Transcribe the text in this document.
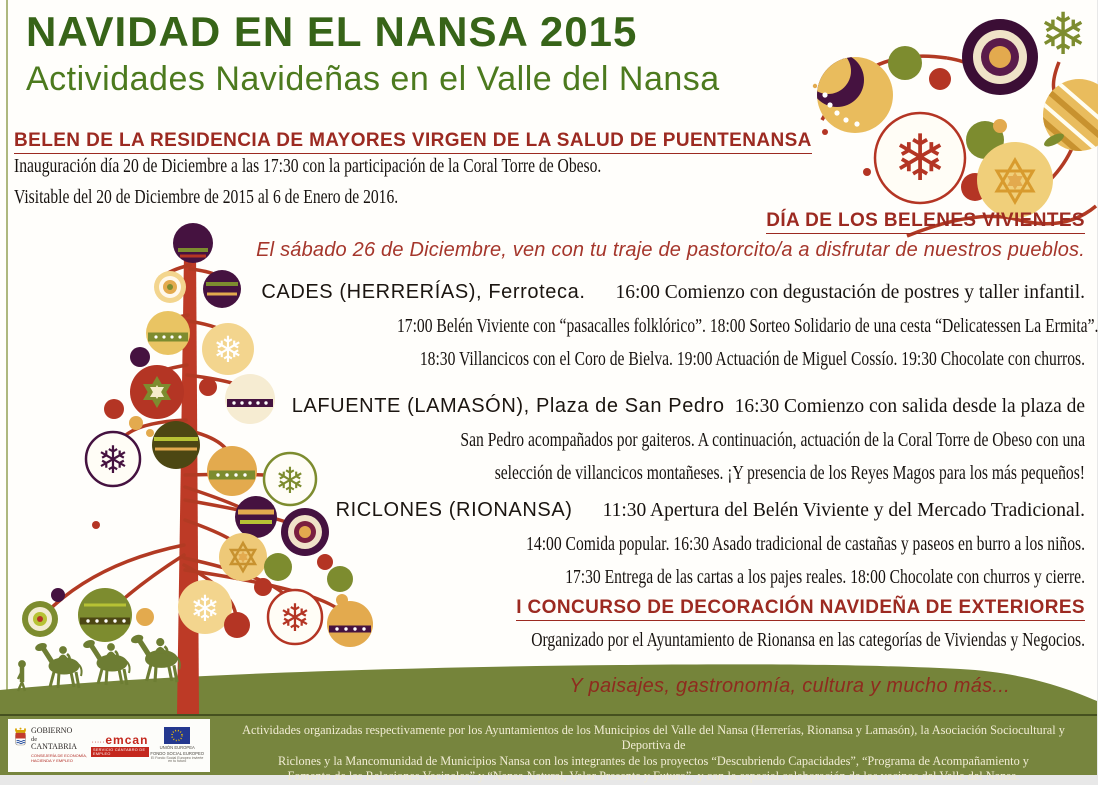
❄
❄
❄
❄	❄
❄ ❄
NAVIDAD EN EL NANSA 2015
Actividades Navideñas en el Valle del Nansa
BELEN DE LA RESIDENCIA DE MAYORES VIRGEN DE LA SALUD DE PUENTENANSA
Inauguración día 20 de Diciembre a las 17:30 con la participación de la Coral Torre de Obeso.
Visitable del 20 de Diciembre de 2015 al 6 de Enero de 2016.
DÍA DE LOS BELENES VIVIENTES
El sábado 26 de Diciembre, ven con tu traje de pastorcito/a a disfrutar de nuestros pueblos.
CADES (HERRERÍAS), Ferroteca. 16:00 Comienzo con degustación de postres y taller infantil.
17:00 Belén Viviente con “pasacalles folklórico”. 18:00 Sorteo Solidario de una cesta “Delicatessen La Ermita”.
18:30 Villancicos con el Coro de Bielva. 19:00 Actuación de Miguel Cossío. 19:30 Chocolate con churros.
LAFUENTE (LAMASÓN), Plaza de San Pedro 16:30 Comienzo con salida desde la plaza de
San Pedro acompañados por gaiteros. A continuación, actuación de la Coral Torre de Obeso con una
selección de villancicos montañeses. ¡Y presencia de los Reyes Magos para los más pequeños!
RICLONES (RIONANSA) 11:30 Apertura del Belén Viviente y del Mercado Tradicional.
14:00 Comida popular. 16:30 Asado tradicional de castañas y paseos en burro a los niños.
17:30 Entrega de las cartas a los pajes reales. 18:00 Chocolate con churros y cierre.
I CONCURSO DE DECORACIÓN NAVIDEÑA DE EXTERIORES
Organizado por el Ayuntamiento de Rionansa en las categorías de Viviendas y Negocios.
Y paisajes, gastronomía, cultura y mucho más...
GOBIERNO
de
CANTABRIA
CONSEJERÍA DE ECONOMÍA, HACIENDA Y EMPLEO
·····emcan
SERVICIO CÁNTABRO DE EMPLEO
UNIÓN EUROPEA
FONDO SOCIAL EUROPEO
El Fondo Social Europeo invierte en tu futuro
Actividades organizadas respectivamente por los Ayuntamientos de los Municipios del Valle del Nansa (Herrerías, Rionansa y Lamasón), la Asociación Sociocultural y Deportiva de
Riclones y la Mancomunidad de Municipios Nansa con los integrantes de los proyectos “Descubriendo Capacidades”, “Programa de Acompañamiento y
Fomento de las Relaciones Vecinales” y “Nansa Natural, Valor Presente y Futuro”, y con la especial colaboración de los vecinos del Valle del Nansa.
